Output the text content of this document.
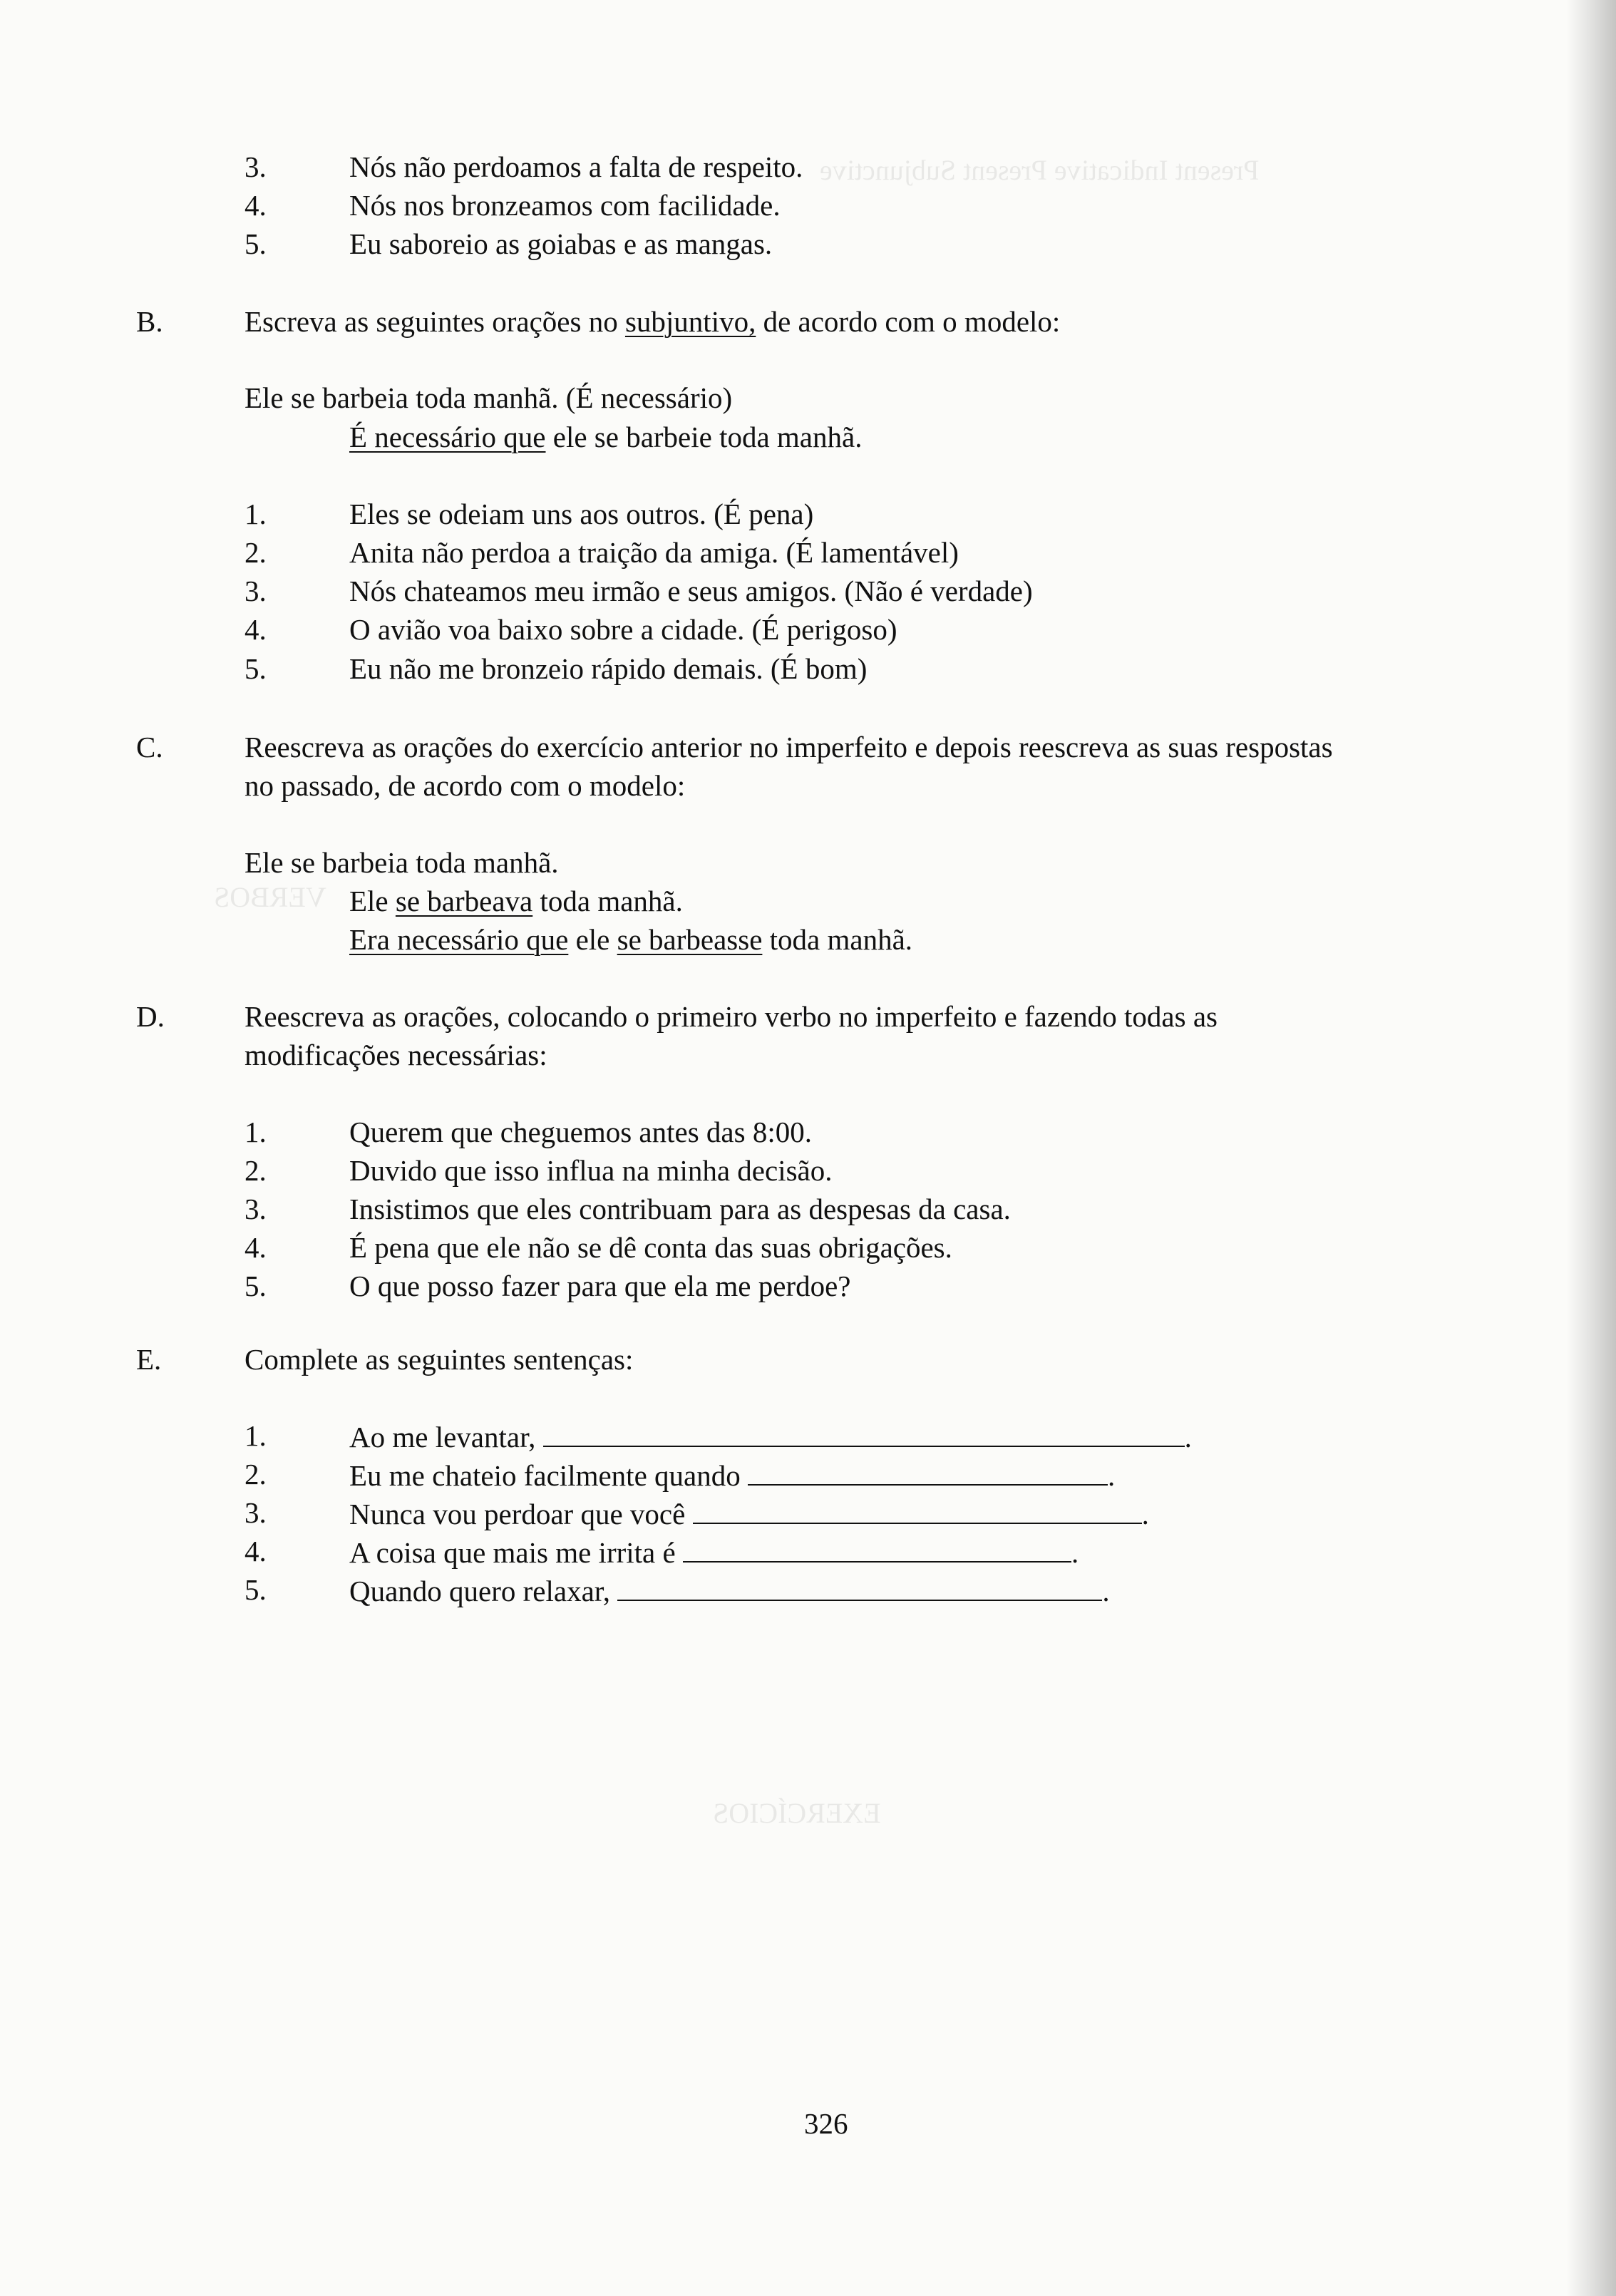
Present Indicative Present Subjunctive
VERBOS
EXERCÍCIOS
3.	Nós não perdoamos a falta de respeito.
4.	Nós nos bronzeamos com facilidade.
5.	Eu saboreio as goiabas e as mangas.
B.	Escreva as seguintes orações no subjuntivo, de acordo com o modelo:
Ele se barbeia toda manhã. (É necessário)
É necessário que ele se barbeie toda manhã.
1.	Eles se odeiam uns aos outros. (É pena)
2.	Anita não perdoa a traição da amiga. (É lamentável)
3.	Nós chateamos meu irmão e seus amigos. (Não é verdade)
4.	O avião voa baixo sobre a cidade. (É perigoso)
5.	Eu não me bronzeio rápido demais. (É bom)
C.	Reescreva as orações do exercício anterior no imperfeito e depois reescreva as suas respostas
no passado, de acordo com o modelo:
Ele se barbeia toda manhã.
Ele se barbeava toda manhã.
Era necessário que ele se barbeasse toda manhã.
D.	Reescreva as orações, colocando o primeiro verbo no imperfeito e fazendo todas as
modificações necessárias:
1.	Querem que cheguemos antes das 8:00.
2.	Duvido que isso influa na minha decisão.
3.	Insistimos que eles contribuam para as despesas da casa.
4.	É pena que ele não se dê conta das suas obrigações.
5.	O que posso fazer para que ela me perdoe?
E.	Complete as seguintes sentenças:
1.	Ao me levantar,	.
2.	Eu me chateio facilmente quando	.
3.	Nunca vou perdoar que você	.
4.	A coisa que mais me irrita é	.
5.	Quando quero relaxar,	.
326
